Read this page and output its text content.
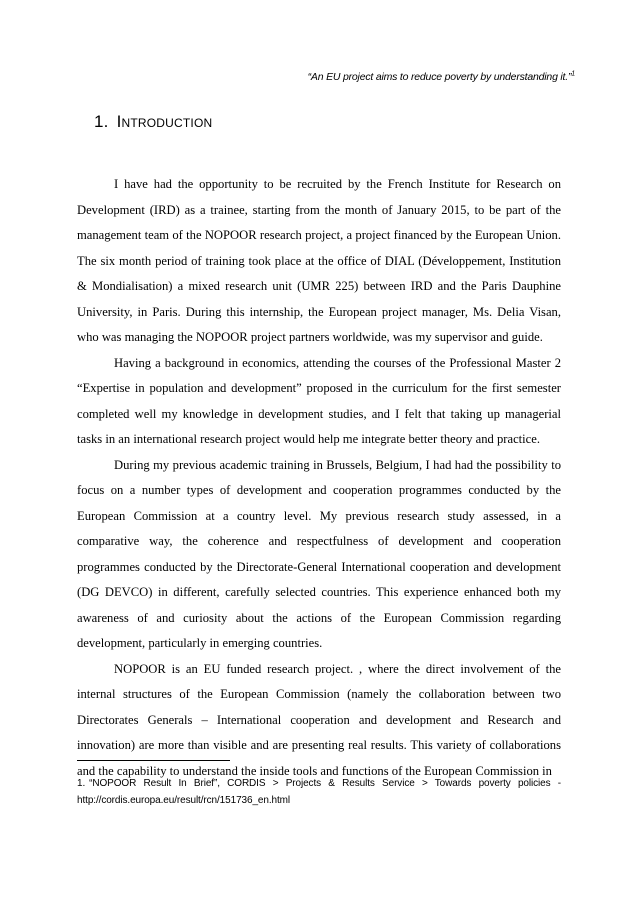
“An EU project aims to reduce poverty by understanding it.”$^1$
1. Introduction

I have had the opportunity to be recruited by the French Institute for Research on Development (IRD) as a trainee, starting from the month of January 2015, to be part of the management team of the NOPOOR research project, a project financed by the European Union. The six month period of training took place at the office of DIAL (Développement, Institution & Mondialisation) a mixed research unit (UMR 225) between IRD and the Paris Dauphine University, in Paris. During this internship, the European project manager, Ms. Delia Visan, who was managing the NOPOOR project partners worldwide, was my supervisor and guide.

Having a background in economics, attending the courses of the Professional Master 2 “Expertise in population and development” proposed in the curriculum for the first semester completed well my knowledge in development studies, and I felt that taking up managerial tasks in an international research project would help me integrate better theory and practice.

During my previous academic training in Brussels, Belgium, I had had the possibility to focus on a number types of development and cooperation programmes conducted by the European Commission at a country level. My previous research study assessed, in a comparative way, the coherence and respectfulness of development and cooperation programmes conducted by the Directorate-General International cooperation and development (DG DEVCO) in different, carefully selected countries. This experience enhanced both my awareness of and curiosity about the actions of the European Commission regarding development, particularly in emerging countries.

NOPOOR is an EU funded research project. , where the direct involvement of the internal structures of the European Commission (namely the collaboration between two Directorates Generals – International cooperation and development and Research and innovation) are more than visible and are presenting real results. This variety of collaborations and the capability to understand the inside tools and functions of the European Commission in

1. “NOPOOR Result In Brief”, CORDIS > Projects & Results Service > Towards poverty policies - http://cordis.europa.eu/result/rcn/151736_en.html
